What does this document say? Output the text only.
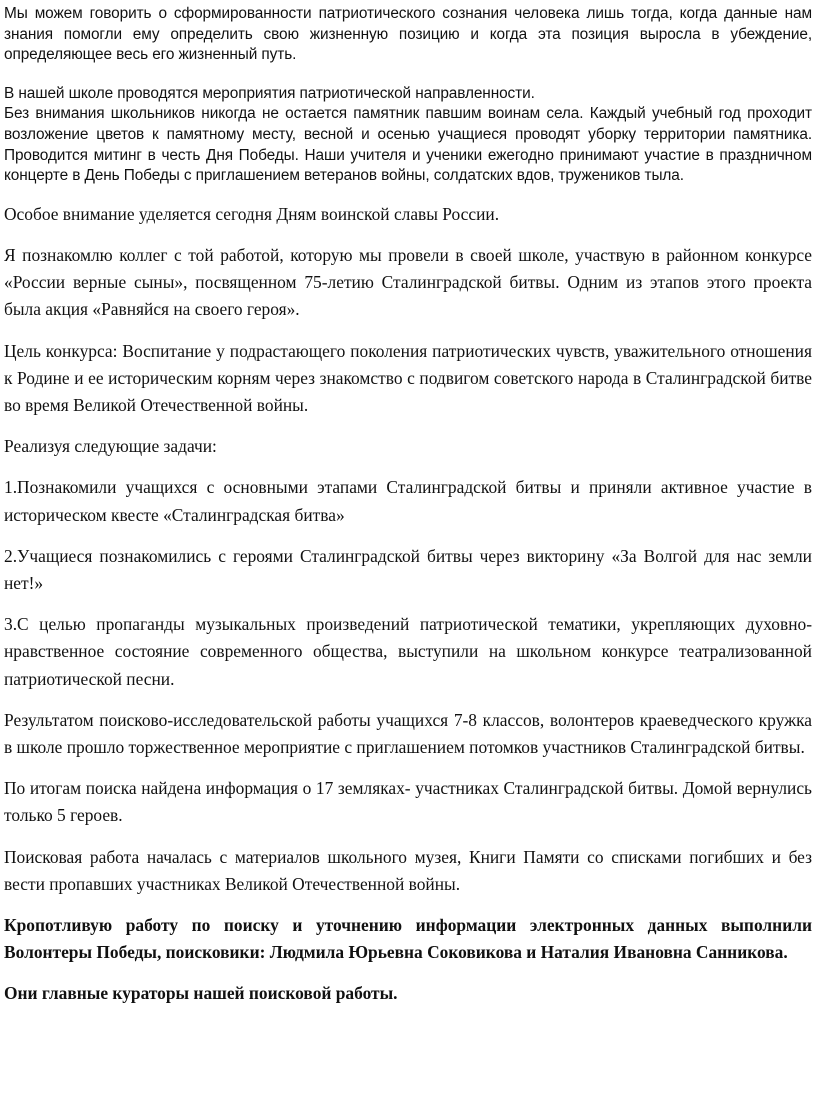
Мы можем говорить о сформированности патриотического сознания человека лишь тогда, когда данные нам знания помогли ему определить свою жизненную позицию и когда эта позиция выросла в убеждение, определяющее весь его жизненный путь.

В нашей школе проводятся мероприятия патриотической направленности.

Без внимания школьников никогда не остается памятник павшим воинам села. Каждый учебный год проходит возложение цветов к памятному месту, весной и осенью учащиеся проводят уборку территории памятника. Проводится митинг в честь Дня Победы. Наши учителя и ученики ежегодно принимают участие в праздничном концерте в День Победы с приглашением ветеранов войны, солдатских вдов, тружеников тыла.

Особое внимание уделяется сегодня Дням воинской славы России.

Я познакомлю коллег с той работой, которую мы провели в своей школе, участвую в районном конкурсе «России верные сыны», посвященном 75-летию Сталинградской битвы. Одним из этапов этого проекта была акция «Равняйся на своего героя».

Цель конкурса: Воспитание у подрастающего поколения патриотических чувств, уважительного отношения к Родине и ее историческим корням через знакомство с подвигом советского народа в Сталинградской битве во время Великой Отечественной войны.

Реализуя следующие задачи:

1.Познакомили учащихся с основными этапами Сталинградской битвы и приняли активное участие в историческом квесте «Сталинградская битва»

2.Учащиеся познакомились с героями Сталинградской битвы через викторину «За Волгой для нас земли нет!»

3.С целью пропаганды музыкальных произведений патриотической тематики, укрепляющих духовно-нравственное состояние современного общества, выступили на школьном конкурсе театрализованной патриотической песни.

Результатом поисково-исследовательской работы учащихся 7-8 классов, волонтеров краеведческого кружка в школе прошло торжественное мероприятие с приглашением потомков участников Сталинградской битвы.

По итогам поиска найдена информация о 17 земляках- участниках Сталинградской битвы. Домой вернулись только 5 героев.

Поисковая работа началась с материалов школьного музея, Книги Памяти со списками погибших и без вести пропавших участниках Великой Отечественной войны.

Кропотливую работу по поиску и уточнению информации электронных данных выполнили Волонтеры Победы, поисковики: Людмила Юрьевна Соковикова и Наталия Ивановна Санникова.

Они главные кураторы нашей поисковой работы.
